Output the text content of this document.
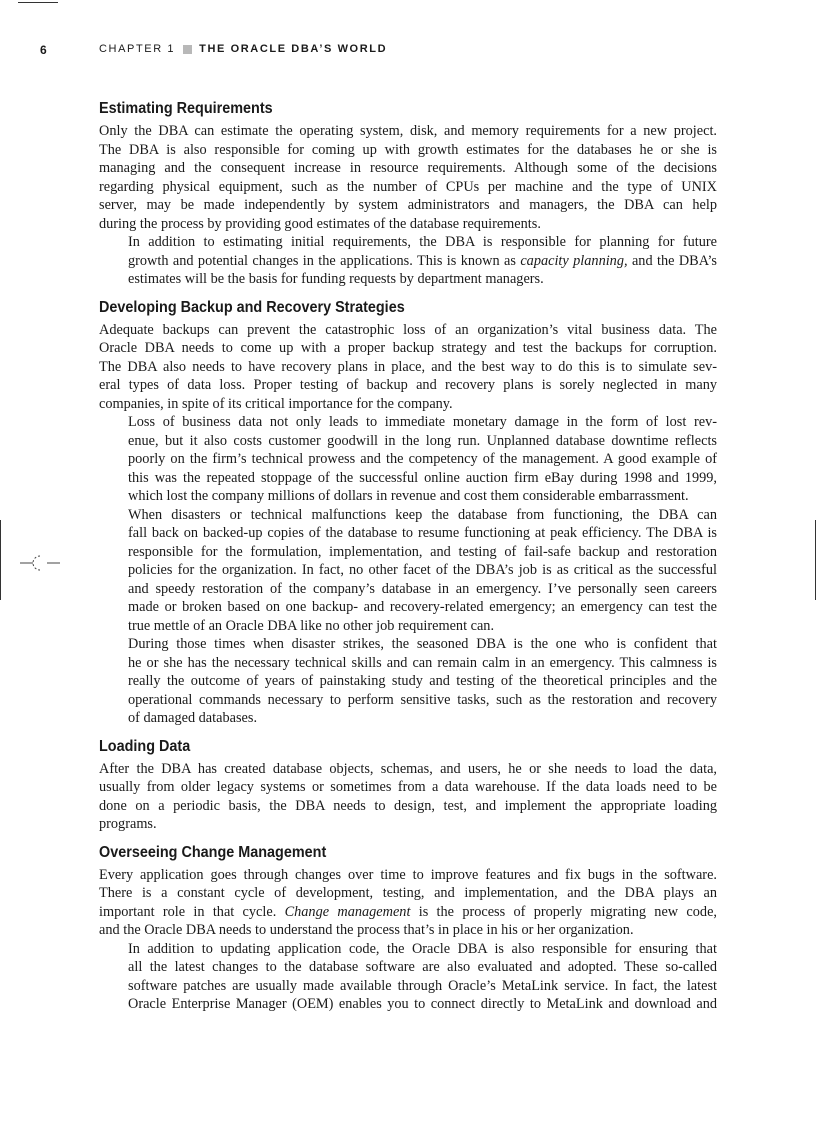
6	CHAPTER 1 THE ORACLE DBA’S WORLD
Estimating Requirements

Only the DBA can estimate the operating system, disk, and memory requirements for a new project.
The DBA is also responsible for coming up with growth estimates for the databases he or she is
managing and the consequent increase in resource requirements. Although some of the decisions
regarding physical equipment, such as the number of CPUs per machine and the type of UNIX
server, may be made independently by system administrators and managers, the DBA can help
during the process by providing good estimates of the database requirements.

In addition to estimating initial requirements, the DBA is responsible for planning for future
growth and potential changes in the applications. This is known as capacity planning, and the DBA’s
estimates will be the basis for funding requests by department managers.

Developing Backup and Recovery Strategies

Adequate backups can prevent the catastrophic loss of an organization’s vital business data. The
Oracle DBA needs to come up with a proper backup strategy and test the backups for corruption.
The DBA also needs to have recovery plans in place, and the best way to do this is to simulate sev-
eral types of data loss. Proper testing of backup and recovery plans is sorely neglected in many
companies, in spite of its critical importance for the company.

Loss of business data not only leads to immediate monetary damage in the form of lost rev-
enue, but it also costs customer goodwill in the long run. Unplanned database downtime reflects
poorly on the firm’s technical prowess and the competency of the management. A good example of
this was the repeated stoppage of the successful online auction firm eBay during 1998 and 1999,
which lost the company millions of dollars in revenue and cost them considerable embarrassment.

When disasters or technical malfunctions keep the database from functioning, the DBA can
fall back on backed-up copies of the database to resume functioning at peak efficiency. The DBA is
responsible for the formulation, implementation, and testing of fail-safe backup and restoration
policies for the organization. In fact, no other facet of the DBA’s job is as critical as the successful
and speedy restoration of the company’s database in an emergency. I’ve personally seen careers
made or broken based on one backup- and recovery-related emergency; an emergency can test the
true mettle of an Oracle DBA like no other job requirement can.

During those times when disaster strikes, the seasoned DBA is the one who is confident that
he or she has the necessary technical skills and can remain calm in an emergency. This calmness is
really the outcome of years of painstaking study and testing of the theoretical principles and the
operational commands necessary to perform sensitive tasks, such as the restoration and recovery
of damaged databases.

Loading Data

After the DBA has created database objects, schemas, and users, he or she needs to load the data,
usually from older legacy systems or sometimes from a data warehouse. If the data loads need to be
done on a periodic basis, the DBA needs to design, test, and implement the appropriate loading
programs.

Overseeing Change Management

Every application goes through changes over time to improve features and fix bugs in the software.
There is a constant cycle of development, testing, and implementation, and the DBA plays an
important role in that cycle. Change management is the process of properly migrating new code,
and the Oracle DBA needs to understand the process that’s in place in his or her organization.

In addition to updating application code, the Oracle DBA is also responsible for ensuring that
all the latest changes to the database software are also evaluated and adopted. These so-called
software patches are usually made available through Oracle’s MetaLink service. In fact, the latest
Oracle Enterprise Manager (OEM) enables you to connect directly to MetaLink and download and
